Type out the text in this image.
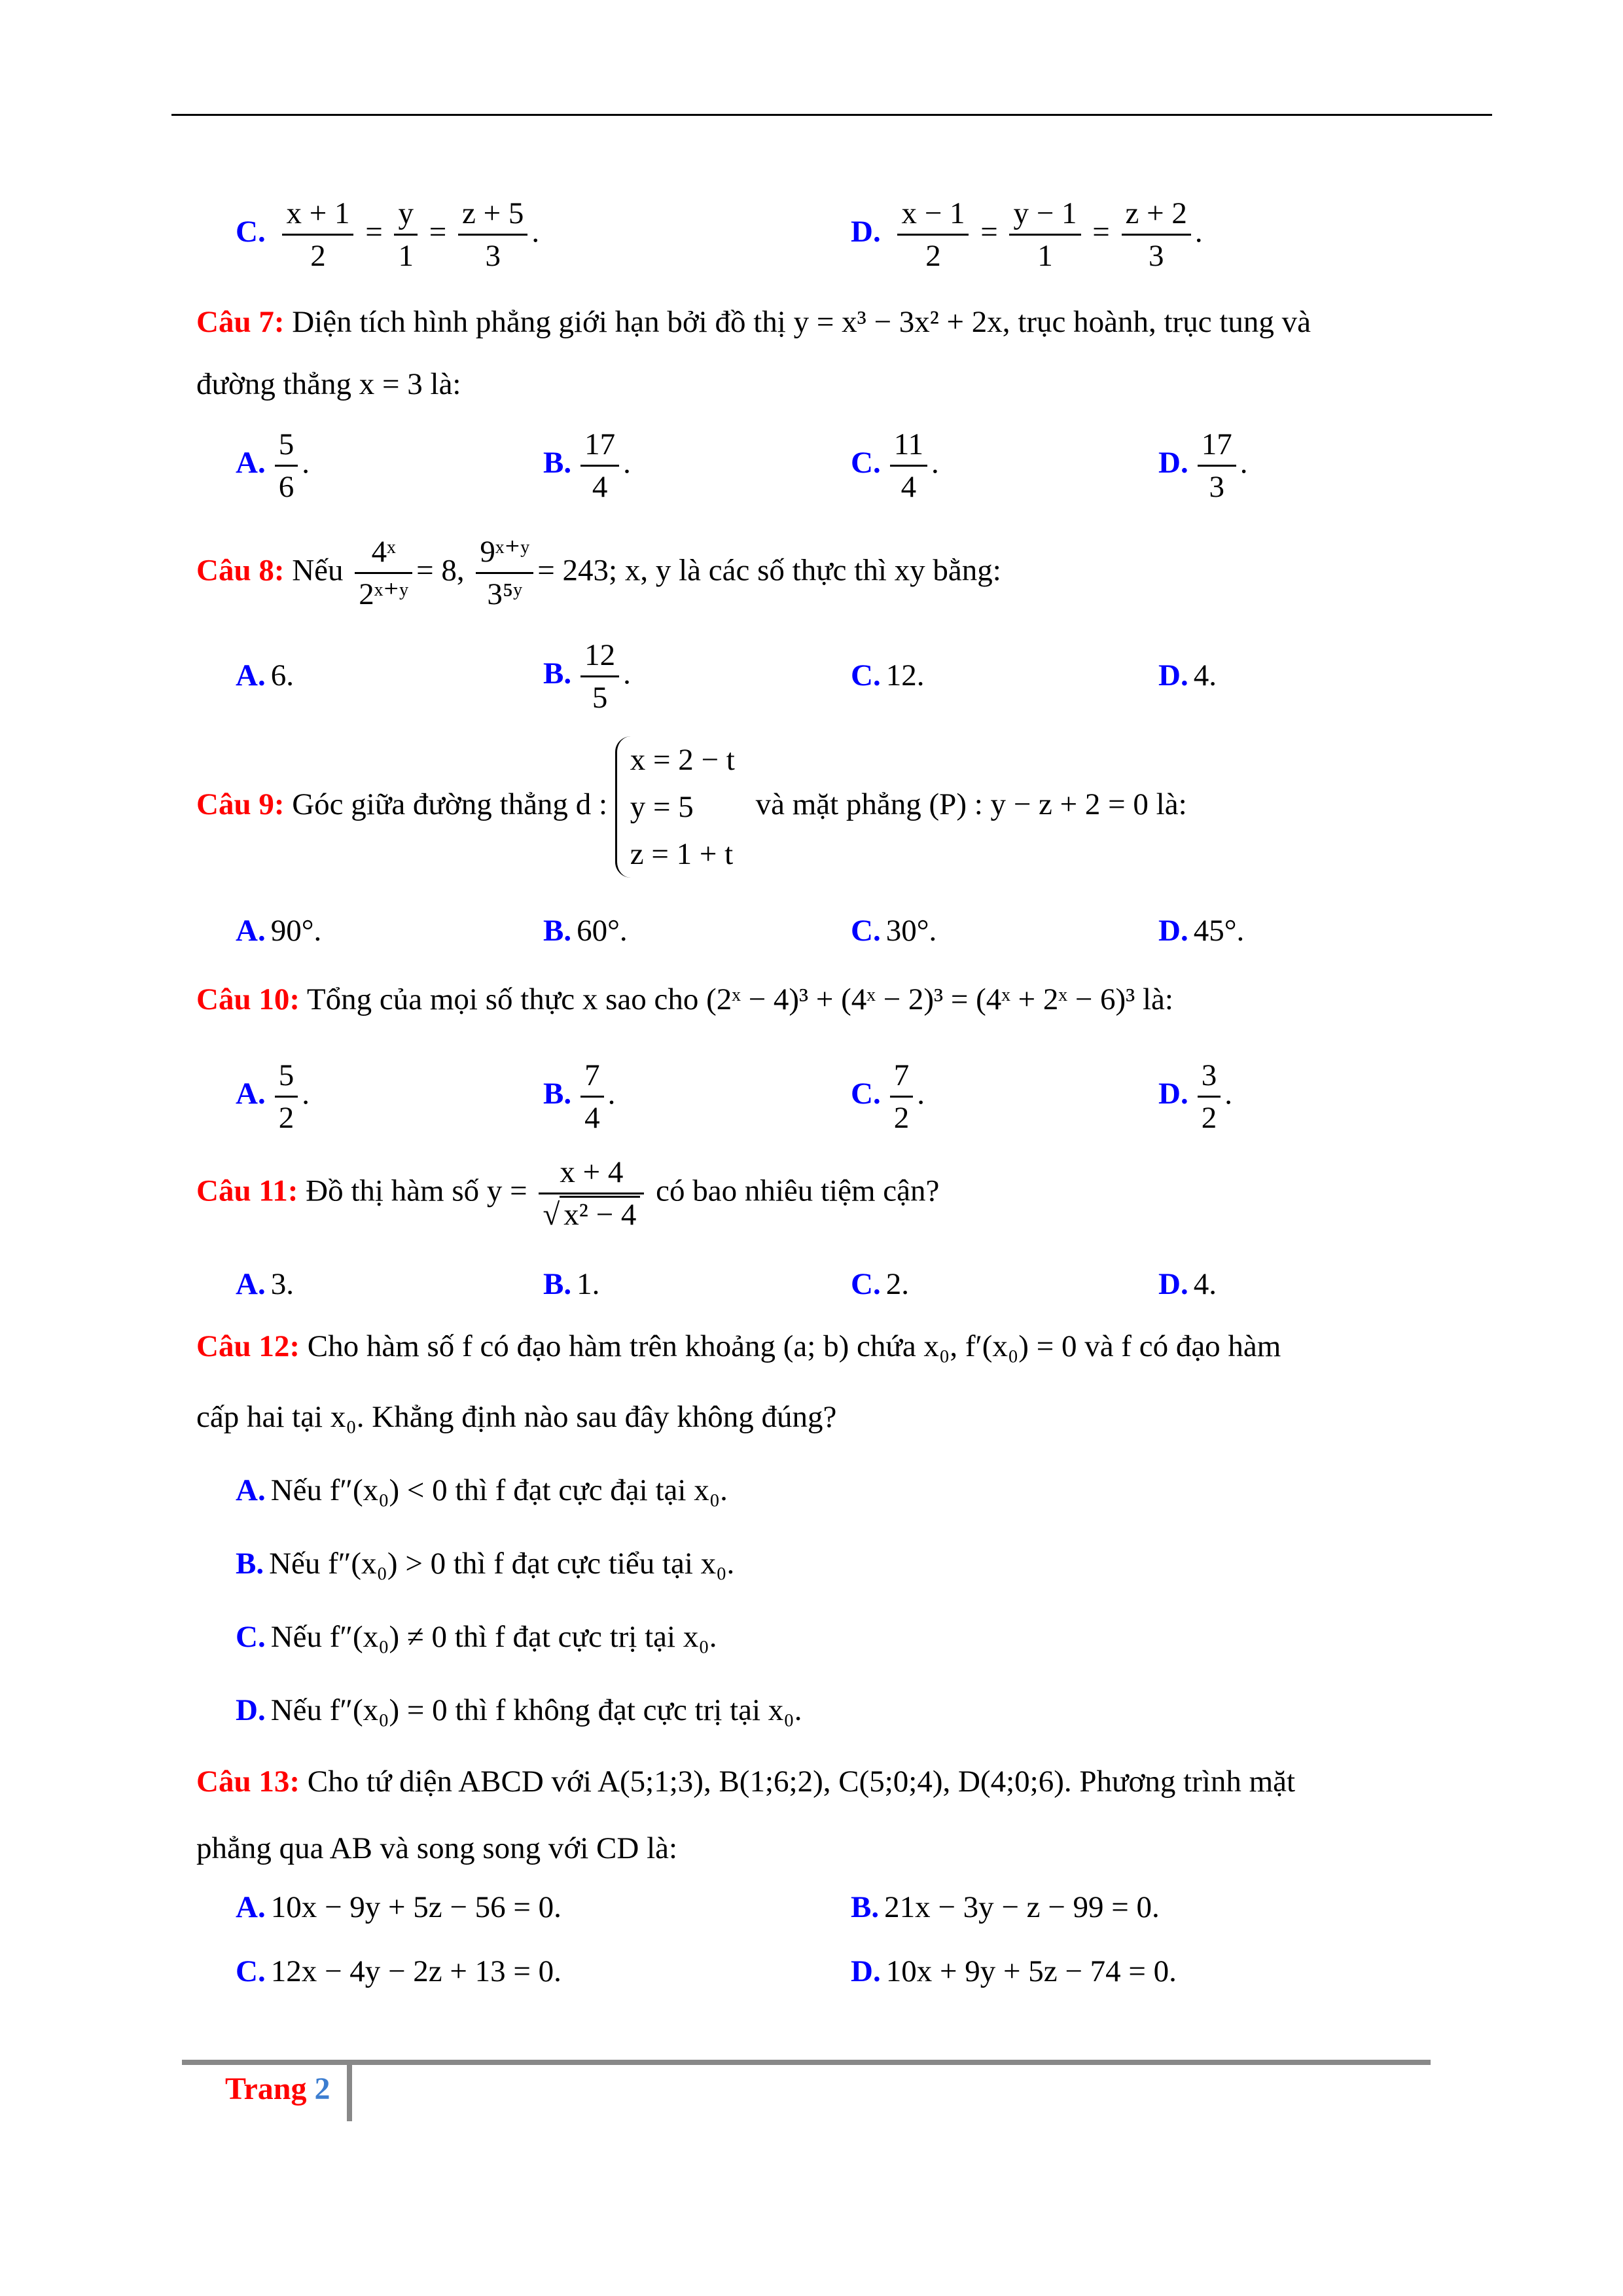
C. $\frac{x + 1}{2} = \frac{y}{1} = \frac{z + 5}{3}$ .	D. $\frac{x - 1}{2} = \frac{y - 1}{1} = \frac{z + 2}{3}$ .
Câu 7: Diện tích hình phẳng giới hạn bởi đồ thị y = x³ − 3x² + 2x, trục hoành, trục tung và
đường thẳng x = 3 là:
A. $\frac{5}{6}$ .	B. $\frac{17}{4}$ .	C. $\frac{11}{4}$ .	D. $\frac{17}{3}$ .
Câu 8: Nếu $\frac{\text{4ˣ}}{\text{2ˣ⁺ʸ}} = 8$, $\frac{\text{9ˣ⁺ʸ}}{\text{3⁵ʸ}} = 243$; x, y là các số thực thì xy bằng:
A. 6.	B. $\frac{12}{5}$ .	C. 12.	D. 4.
Câu 9: Góc giữa đường thẳng d :
x = 2 − t
y = 5
z = 1 + t
và mặt phẳng (P) : y − z + 2 = 0 là:
A. 90°.	B. 60°.	C. 30°.	D. 45°.
Câu 10: Tổng của mọi số thực x sao cho (2ˣ − 4)³ + (4ˣ − 2)³ = (4ˣ + 2ˣ − 6)³ là:
A. $\frac{5}{2}$ .	B. $\frac{7}{4}$ .	C. $\frac{7}{2}$ .	D. $\frac{3}{2}$ .
Câu 11: Đồ thị hàm số $y = \frac{x + 4}{\text{√ x² − 4}}$ có bao nhiêu tiệm cận?
A. 3.	B. 1.	C. 2.	D. 4.
Câu 12: Cho hàm số f có đạo hàm trên khoảng (a; b) chứa x₀, f′(x₀) = 0 và f có đạo hàm
cấp hai tại x₀. Khẳng định nào sau đây không đúng?
A. Nếu f″(x₀) < 0 thì f đạt cực đại tại x₀.
B. Nếu f″(x₀) > 0 thì f đạt cực tiểu tại x₀.
C. Nếu f″(x₀) ≠ 0 thì f đạt cực trị tại x₀.
D. Nếu f″(x₀) = 0 thì f không đạt cực trị tại x₀.
Câu 13: Cho tứ diện ABCD với A(5;1;3), B(1;6;2), C(5;0;4), D(4;0;6). Phương trình mặt
phẳng qua AB và song song với CD là:
A. 10x − 9y + 5z − 56 = 0.	B. 21x − 3y − z − 99 = 0.
C. 12x − 4y − 2z + 13 = 0.	D. 10x + 9y + 5z − 74 = 0.
Trang 2
